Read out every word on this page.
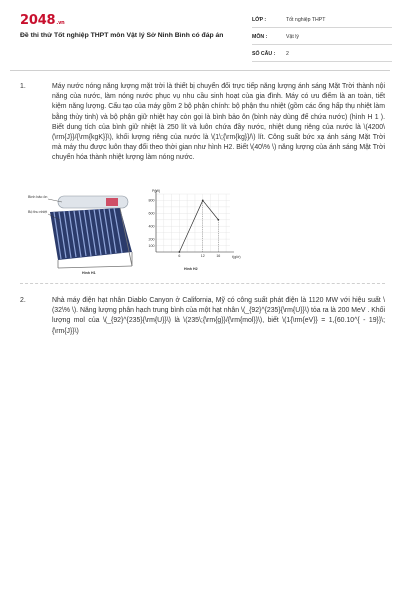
2048.vn
Đề thi thử Tốt nghiệp THPT môn Vật lý Sở Ninh Bình có đáp án
LỚP :	Tốt nghiệp THPT
MÔN :	Vật lý
SỐ CÂU : 2
1.	Máy nước nóng năng lượng mặt trời là thiết bị chuyển đổi trực tiếp năng lượng ánh sáng Mặt Trời thành nội năng của nước, làm nóng nước phục vụ nhu cầu sinh hoạt của gia đình. Máy có ưu điểm là an toàn, tiết kiệm năng lượng. Cấu tạo của máy gồm 2 bộ phận chính: bộ phận thu nhiệt (gồm các ống hấp thụ nhiệt làm bằng thủy tinh) và bộ phận giữ nhiệt hay còn gọi là bình bảo ôn (bình này dùng để chứa nước) (hình H 1 ). Biết dung tích của bình giữ nhiệt là 250 lít và luôn chứa đầy nước, nhiệt dung riêng của nước là \(4200\(\rm{J}}/{\rm{kgK}}\), khối lượng riêng của nước là \(1\;{\rm{kg}}/\) lít. Công suất bức xạ ánh sáng Mặt Trời mà máy thu được luôn thay đổi theo thời gian như hình H2. Biết \(40\% \) năng lượng của ánh sáng Mặt Trời chuyển hóa thành nhiệt lượng làm nóng nước.
Bình bảo ôn
Bộ thu nhiệt
Hình H1
800
600
400
200
100
6	12	16
P(W)
t(giờ)
Hình H2
2.	Nhà máy điện hạt nhân Diablo Canyon ở California, Mỹ có công suất phát điện là 1120 MW với hiệu suất \(32\% \). Năng lượng phân hạch trung bình của một hạt nhân \(_{92}^{235}{\rm{U}}\) tỏa ra là 200 MeV . Khối lượng mol của \(_{92}^{235}{\rm{U}}\) là \(235\;{\rm{g}}/{\rm{mol}}\), biết \(1{\rm{eV}} = 1,{60.10^{ - 19}}\;{\rm{J}}\)
